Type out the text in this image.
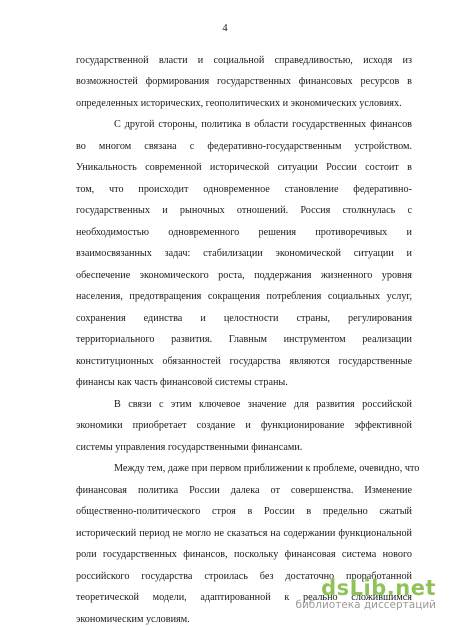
4
государственной власти и социальной справедливостью, исходя из
возможностей формирования государственных финансовых ресурсов в
определенных исторических, геополитических и экономических условиях.
С другой стороны, политика в области государственных финансов
во многом связана с федеративно-государственным устройством.
Уникальность современной исторической ситуации России состоит в
том, что происходит одновременное становление федеративно-
государственных и рыночных отношений. Россия столкнулась с
необходимостью одновременного решения противоречивых и
взаимосвязанных задач: стабилизации экономической ситуации и
обеспечение экономического роста, поддержания жизненного уровня
населения, предотвращения сокращения потребления социальных услуг,
сохранения единства и целостности страны, регулирования
территориального развития. Главным инструментом реализации
конституционных обязанностей государства являются государственные
финансы как часть финансовой системы страны.
В связи с этим ключевое значение для развития российской
экономики приобретает создание и функционирование эффективной
системы управления государственными финансами.
Между тем, даже при первом приближении к проблеме, очевидно, что
финансовая политика России далека от совершенства. Изменение
общественно-политического строя в России в предельно сжатый
исторический период не могло не сказаться на содержании функциональной
роли государственных финансов, поскольку финансовая система нового
российского государства строилась без достаточно проработанной
теоретической модели, адаптированной к реально сложившимся
экономическим условиям.
dsLib.net
библиотека диссертаций
